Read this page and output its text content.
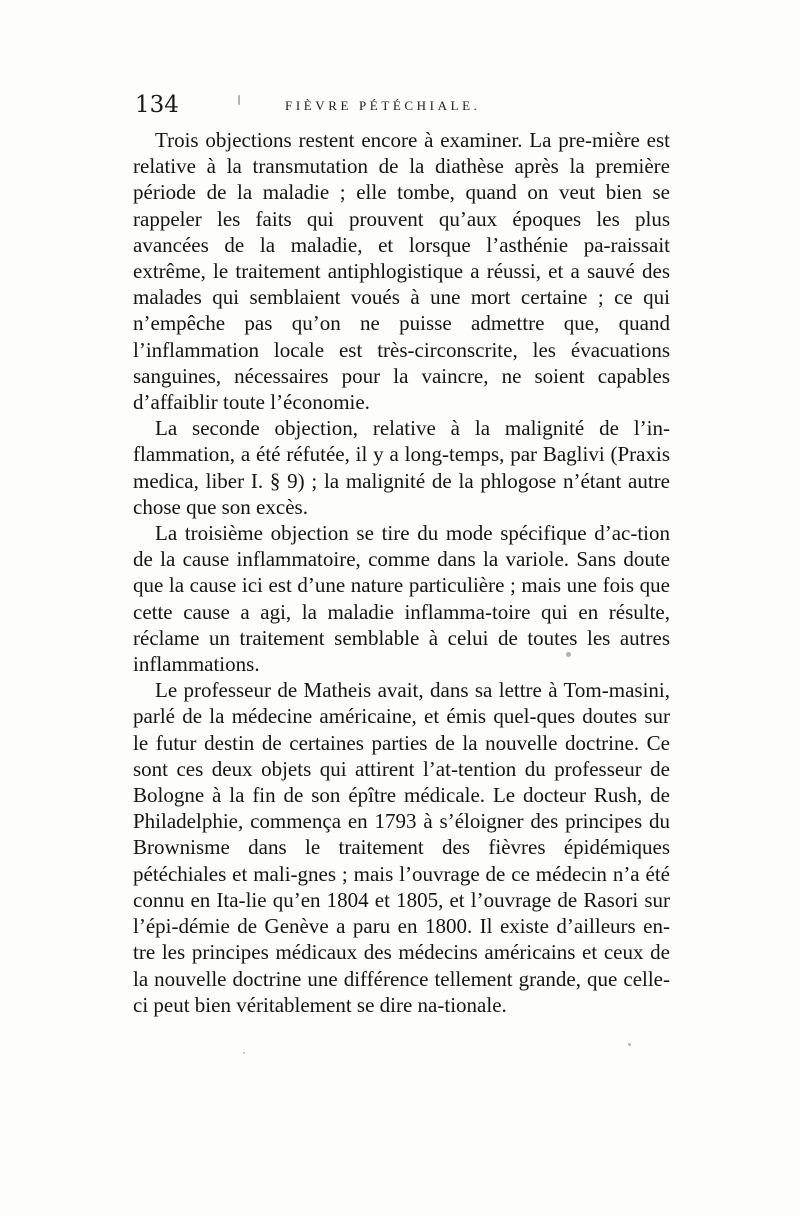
134	FIÈVRE PÉTÉCHIALE.

Trois objections restent encore à examiner. La pre-mière est relative à la transmutation de la diathèse après la première période de la maladie ; elle tombe, quand on veut bien se rappeler les faits qui prouvent qu’aux époques les plus avancées de la maladie, et lorsque l’asthénie pa-raissait extrême, le traitement antiphlogistique a réussi, et a sauvé des malades qui semblaient voués à une mort certaine ; ce qui n’empêche pas qu’on ne puisse admettre que, quand l’inflammation locale est très-circonscrite, les évacuations sanguines, nécessaires pour la vaincre, ne soient capables d’affaiblir toute l’économie.

La seconde objection, relative à la malignité de l’in-flammation, a été réfutée, il y a long-temps, par Baglivi (Praxis medica, liber I. § 9) ; la malignité de la phlogose n’étant autre chose que son excès.

La troisième objection se tire du mode spécifique d’ac-tion de la cause inflammatoire, comme dans la variole. Sans doute que la cause ici est d’une nature particulière ; mais une fois que cette cause a agi, la maladie inflamma-toire qui en résulte, réclame un traitement semblable à celui de toutes les autres inflammations.

Le professeur de Matheis avait, dans sa lettre à Tom-masini, parlé de la médecine américaine, et émis quel-ques doutes sur le futur destin de certaines parties de la nouvelle doctrine. Ce sont ces deux objets qui attirent l’at-tention du professeur de Bologne à la fin de son épître médicale. Le docteur Rush, de Philadelphie, commença en 1793 à s’éloigner des principes du Brownisme dans le traitement des fièvres épidémiques pétéchiales et mali-gnes ; mais l’ouvrage de ce médecin n’a été connu en Ita-lie qu’en 1804 et 1805, et l’ouvrage de Rasori sur l’épi-démie de Genève a paru en 1800. Il existe d’ailleurs en-tre les principes médicaux des médecins américains et ceux de la nouvelle doctrine une différence tellement grande, que celle-ci peut bien véritablement se dire na-tionale.
